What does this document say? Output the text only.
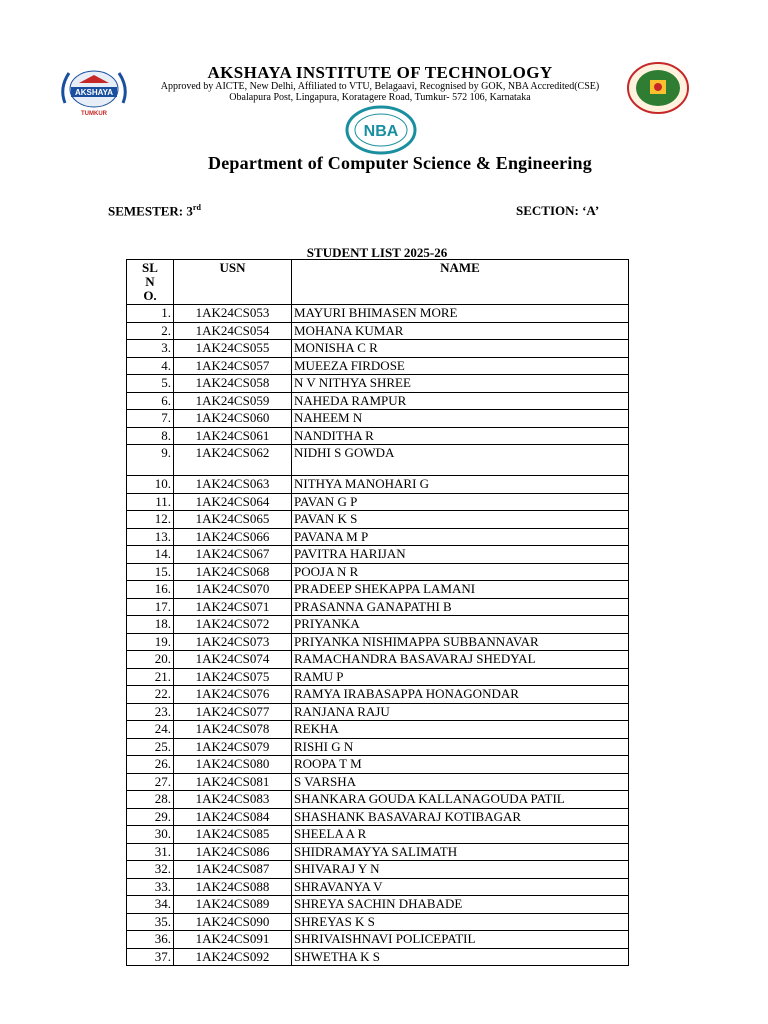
AKSHAYA
TUMKUR
NBA
AKSHAYA INSTITUTE OF TECHNOLOGY
Approved by AICTE, New Delhi, Affiliated to VTU, Belagaavi, Recognised by GOK, NBA Accredited(CSE)
Obalapura Post, Lingapura, Koratagere Road, Tumkur- 572 106, Karnataka
Department of Computer Science & Engineering
SEMESTER: 3rd	SECTION: ‘A’
STUDENT LIST 2025-26
SL
N
O.	USN	NAME
1.	1AK24CS053	MAYURI BHIMASEN MORE
2.	1AK24CS054	MOHANA KUMAR
3.	1AK24CS055	MONISHA C R
4.	1AK24CS057	MUEEZA FIRDOSE
5.	1AK24CS058	N V NITHYA SHREE
6.	1AK24CS059	NAHEDA RAMPUR
7.	1AK24CS060	NAHEEM N
8.	1AK24CS061	NANDITHA R
9.	1AK24CS062	NIDHI S GOWDA
10.	1AK24CS063	NITHYA MANOHARI G
11.	1AK24CS064	PAVAN G P
12.	1AK24CS065	PAVAN K S
13.	1AK24CS066	PAVANA M P
14.	1AK24CS067	PAVITRA HARIJAN
15.	1AK24CS068	POOJA N R
16.	1AK24CS070	PRADEEP SHEKAPPA LAMANI
17.	1AK24CS071	PRASANNA GANAPATHI B
18.	1AK24CS072	PRIYANKA
19.	1AK24CS073	PRIYANKA NISHIMAPPA SUBBANNAVAR
20.	1AK24CS074	RAMACHANDRA BASAVARAJ SHEDYAL
21.	1AK24CS075	RAMU P
22.	1AK24CS076	RAMYA IRABASAPPA HONAGONDAR
23.	1AK24CS077	RANJANA RAJU
24.	1AK24CS078	REKHA
25.	1AK24CS079	RISHI G N
26.	1AK24CS080	ROOPA T M
27.	1AK24CS081	S VARSHA
28.	1AK24CS083	SHANKARA GOUDA KALLANAGOUDA PATIL
29.	1AK24CS084	SHASHANK BASAVARAJ KOTIBAGAR
30.	1AK24CS085	SHEELA A R
31.	1AK24CS086	SHIDRAMAYYA SALIMATH
32.	1AK24CS087	SHIVARAJ Y N
33.	1AK24CS088	SHRAVANYA V
34.	1AK24CS089	SHREYA SACHIN DHABADE
35.	1AK24CS090	SHREYAS K S
36.	1AK24CS091	SHRIVAISHNAVI POLICEPATIL
37.	1AK24CS092	SHWETHA K S
